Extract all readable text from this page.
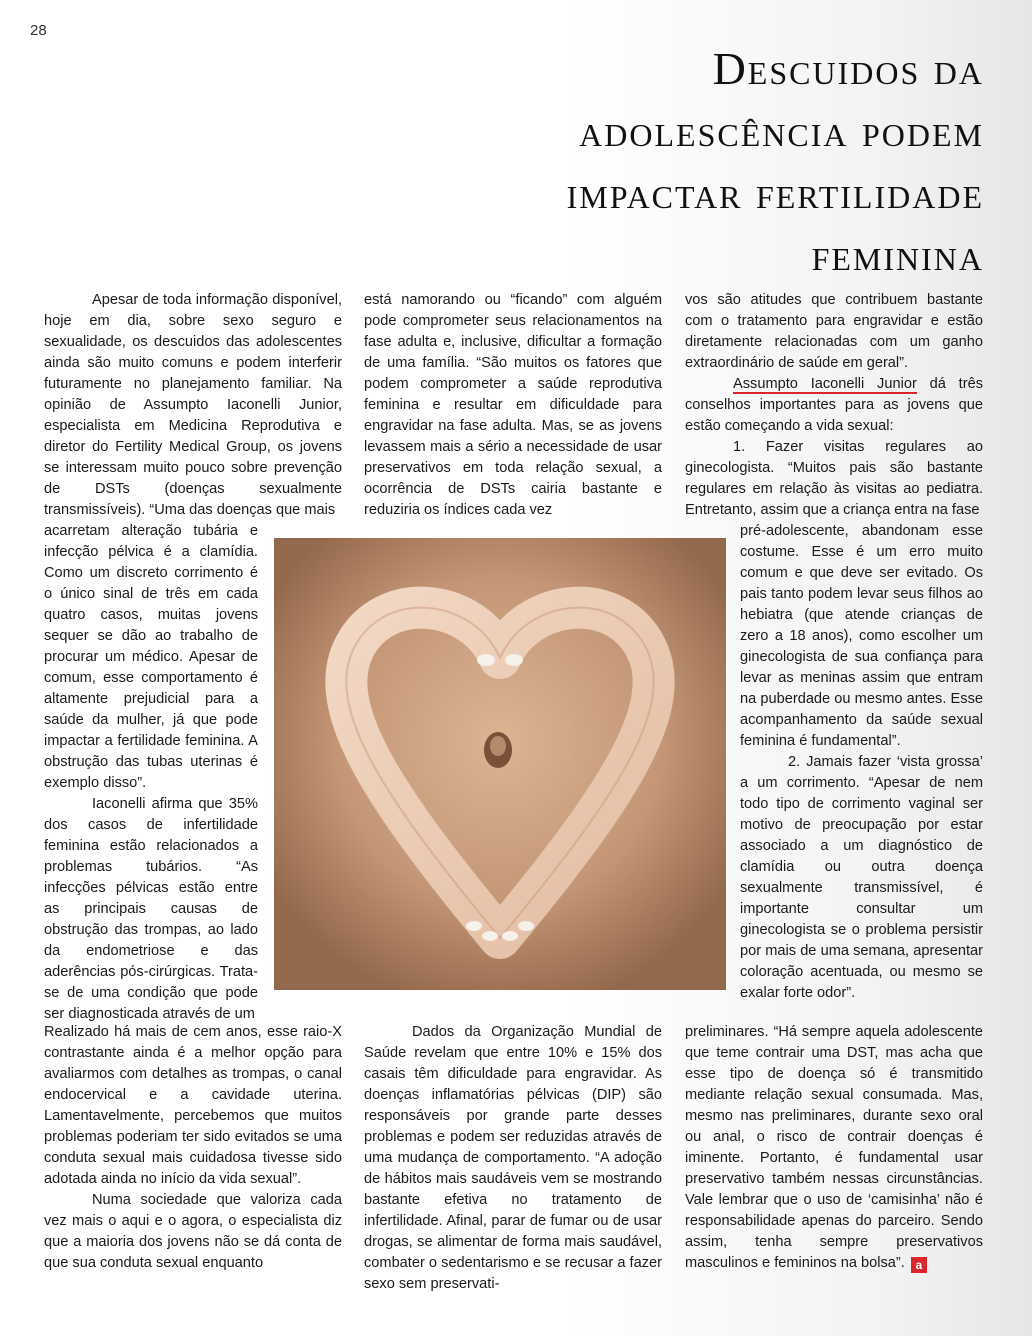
28
Descuidos da adolescência podem impactar fertilidade feminina

Apesar de toda informação disponível, hoje em dia, sobre sexo seguro e sexualidade, os descuidos das adolescentes ainda são muito comuns e podem interferir futuramente no planejamento familiar. Na opinião de Assumpto Iaconelli Junior, especialista em Medicina Reprodutiva e diretor do Fertility Medical Group, os jovens se interessam muito pouco sobre prevenção de DSTs (doenças sexualmente transmissíveis). “Uma das doenças que mais

acarretam alteração tubária e infecção pélvica é a clamídia. Como um discreto corrimento é o único sinal de três em cada quatro casos, muitas jovens sequer se dão ao trabalho de procurar um médico. Apesar de comum, esse comportamento é altamente prejudicial para a saúde da mulher, já que pode impactar a fertilidade feminina. A obstrução das tubas uterinas é exemplo disso”.

Iaconelli afirma que 35% dos casos de infertilidade feminina estão relacionados a problemas tubários. “As infecções pélvicas estão entre as principais causas de obstrução das trompas, ao lado da endometriose e das aderências pós-cirúrgicas. Trata-se de uma condição que pode ser diagnosticada através de um

Realizado há mais de cem anos, esse raio-X contrastante ainda é a melhor opção para avaliarmos com detalhes as trompas, o canal endocervical e a cavidade uterina. Lamentavelmente, percebemos que muitos problemas poderiam ter sido evitados se uma conduta sexual mais cuidadosa tivesse sido adotada ainda no início da vida sexual”.

Numa sociedade que valoriza cada vez mais o aqui e o agora, o especialista diz que a maioria dos jovens não se dá conta de que sua conduta sexual enquanto

está namorando ou “ficando” com alguém pode comprometer seus relacionamentos na fase adulta e, inclusive, dificultar a formação de uma família. “São muitos os fatores que podem comprometer a saúde reprodutiva feminina e resultar em dificuldade para engravidar na fase adulta. Mas, se as jovens levassem mais a sério a necessidade de usar preservativos em toda relação sexual, a ocorrência de DSTs cairia bastante e reduziria os índices cada vez

Dados da Organização Mundial de Saúde revelam que entre 10% e 15% dos casais têm dificuldade para engravidar. As doenças inflamatórias pélvicas (DIP) são responsáveis por grande parte desses problemas e podem ser reduzidas através de uma mudança de comportamento. “A adoção de hábitos mais saudáveis vem se mostrando bastante efetiva no tratamento de infertilidade. Afinal, parar de fumar ou de usar drogas, se alimentar de forma mais saudável, combater o sedentarismo e se recusar a fazer sexo sem preservati-

vos são atitudes que contribuem bastante com o tratamento para engravidar e estão diretamente relacionadas com um ganho extraordinário de saúde em geral”.

Assumpto Iaconelli Junior dá três conselhos importantes para as jovens que estão começando a vida sexual:

1. Fazer visitas regulares ao ginecologista. “Muitos pais são bastante regulares em relação às visitas ao pediatra. Entretanto, assim que a criança entra na fase

pré-adolescente, abandonam esse costume. Esse é um erro muito comum e que deve ser evitado. Os pais tanto podem levar seus filhos ao hebiatra (que atende crianças de zero a 18 anos), como escolher um ginecologista de sua confiança para levar as meninas assim que entram na puberdade ou mesmo antes. Esse acompanhamento da saúde sexual feminina é fundamental”.

2. Jamais fazer ‘vista grossa’ a um corrimento. “Apesar de nem todo tipo de corrimento vaginal ser motivo de preocupação por estar associado a um diagnóstico de clamídia ou outra doença sexualmente transmissível, é importante consultar um ginecologista se o problema persistir por mais de uma semana, apresentar coloração acentuada, ou mesmo se exalar forte odor”.

preliminares. “Há sempre aquela adolescente que teme contrair uma DST, mas acha que esse tipo de doença só é transmitido mediante relação sexual consumada. Mas, mesmo nas preliminares, durante sexo oral ou anal, o risco de contrair doenças é iminente. Portanto, é fundamental usar preservativo também nessas circunstâncias. Vale lembrar que o uso de ‘camisinha’ não é responsabilidade apenas do parceiro. Sendo assim, tenha sempre preservativos masculinos e femininos na bolsa”. a
